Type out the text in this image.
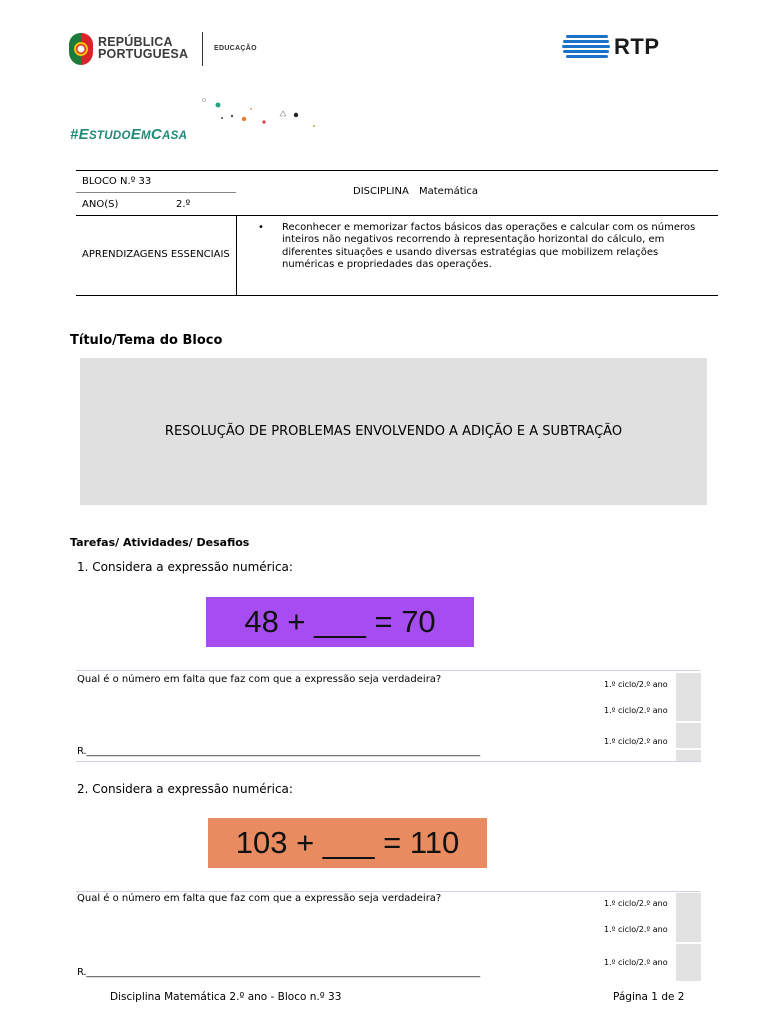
REPÚBLICA
PORTUGUESA	EDUCAÇÃO	RTP
#ESTUDOEMCASA
BLOCO N.º 33
DISCIPLINA Matemática
ANO(S)	2.º
APRENDIZAGENS ESSENCIAIS
• Reconhecer e memorizar factos básicos das operações e calcular com os números
inteiros não negativos recorrendo à representação horizontal do cálculo, em
diferentes situações e usando diversas estratégias que mobilizem relações
numéricas e propriedades das operações.
Título/Tema do Bloco
RESOLUÇÃO DE PROBLEMAS ENVOLVENDO A ADIÇÃO E A SUBTRAÇÃO
Tarefas/ Atividades/ Desafios
1. Considera a expressão numérica:
48 + ___ = 70
Qual é o número em falta que faz com que a expressão seja verdadeira?	1.º ciclo/2.º ano
1.º ciclo/2.º ano
1.º ciclo/2.º ano
R.__________________________________________________________________________________
2. Considera a expressão numérica:
103 + ___ = 110
Qual é o número em falta que faz com que a expressão seja verdadeira?	1.º ciclo/2.º ano
1.º ciclo/2.º ano
1.º ciclo/2.º ano
R.__________________________________________________________________________________
Disciplina Matemática 2.º ano - Bloco n.º 33	Página 1 de 2
